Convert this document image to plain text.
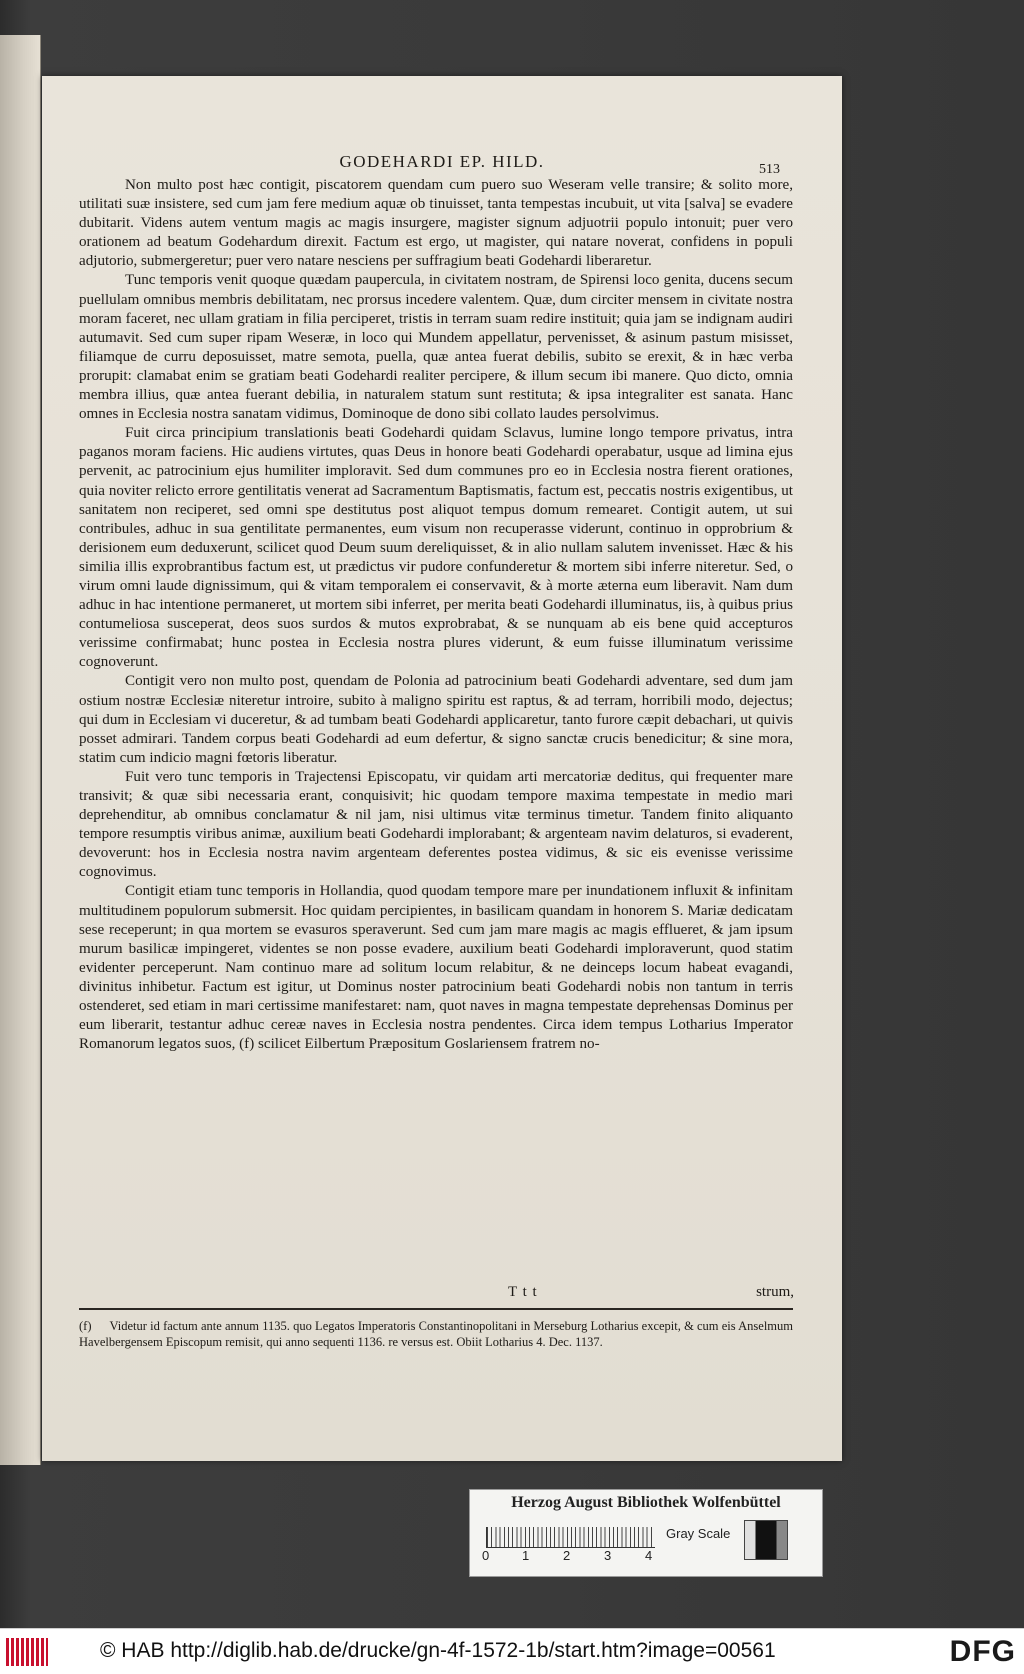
GODEHARDI EP. HILD.	513

Non multo post hæc contigit, piscatorem quendam cum puero suo Weseram velle transire; & solito more, utilitati suæ insistere, sed cum jam fere medium aquæ ob tinuisset, tanta tempestas incubuit, ut vita [salva] se evadere dubitarit. Videns autem ventum magis ac magis insurgere, magister signum adjuotrii populo intonuit; puer vero orationem ad beatum Godehardum direxit. Factum est ergo, ut magister, qui natare noverat, confidens in populi adjutorio, submergeretur; puer vero natare nesciens per suffragium beati Godehardi liberaretur.

Tunc temporis venit quoque quædam paupercula, in civitatem nostram, de Spirensi loco genita, ducens secum puellulam omnibus membris debilitatam, nec prorsus incedere valentem. Quæ, dum circiter mensem in civitate nostra moram faceret, nec ullam gratiam in filia perciperet, tristis in terram suam redire instituit; quia jam se indignam audiri autumavit. Sed cum super ripam Weseræ, in loco qui Mundem appellatur, pervenisset, & asinum pastum misisset, filiamque de curru deposuisset, matre semota, puella, quæ antea fuerat debilis, subito se erexit, & in hæc verba prorupit: clamabat enim se gratiam beati Godehardi realiter percipere, & illum secum ibi manere. Quo dicto, omnia membra illius, quæ antea fuerant debilia, in naturalem statum sunt restituta; & ipsa integraliter est sanata. Hanc omnes in Ecclesia nostra sanatam vidimus, Dominoque de dono sibi collato laudes persolvimus.

Fuit circa principium translationis beati Godehardi quidam Sclavus, lumine longo tempore privatus, intra paganos moram faciens. Hic audiens virtutes, quas Deus in honore beati Godehardi operabatur, usque ad limina ejus pervenit, ac patrocinium ejus humiliter imploravit. Sed dum communes pro eo in Ecclesia nostra fierent orationes, quia noviter relicto errore gentilitatis venerat ad Sacramentum Baptismatis, factum est, peccatis nostris exigentibus, ut sanitatem non reciperet, sed omni spe destitutus post aliquot tempus domum remearet. Contigit autem, ut sui contribules, adhuc in sua gentilitate permanentes, eum visum non recuperasse viderunt, continuo in opprobrium & derisionem eum deduxerunt, scilicet quod Deum suum dereliquisset, & in alio nullam salutem invenisset. Hæc & his similia illis exprobrantibus factum est, ut prædictus vir pudore confunderetur & mortem sibi inferre niteretur. Sed, o virum omni laude dignissimum, qui & vitam temporalem ei conservavit, & à morte æterna eum liberavit. Nam dum adhuc in hac intentione permaneret, ut mortem sibi inferret, per merita beati Godehardi illuminatus, iis, à quibus prius contumeliosa susceperat, deos suos surdos & mutos exprobrabat, & se nunquam ab eis bene quid accepturos verissime confirmabat; hunc postea in Ecclesia nostra plures viderunt, & eum fuisse illuminatum verissime cognoverunt.

Contigit vero non multo post, quendam de Polonia ad patrocinium beati Godehardi adventare, sed dum jam ostium nostræ Ecclesiæ niteretur introire, subito à maligno spiritu est raptus, & ad terram, horribili modo, dejectus; qui dum in Ecclesiam vi duceretur, & ad tumbam beati Godehardi applicaretur, tanto furore cæpit debachari, ut quivis posset admirari. Tandem corpus beati Godehardi ad eum defertur, & signo sanctæ crucis benedicitur; & sine mora, statim cum indicio magni fœtoris liberatur.

Fuit vero tunc temporis in Trajectensi Episcopatu, vir quidam arti mercatoriæ deditus, qui frequenter mare transivit; & quæ sibi necessaria erant, conquisivit; hic quodam tempore maxima tempestate in medio mari deprehenditur, ab omnibus conclamatur & nil jam, nisi ultimus vitæ terminus timetur. Tandem finito aliquanto tempore resumptis viribus animæ, auxilium beati Godehardi implorabant; & argenteam navim delaturos, si evaderent, devoverunt: hos in Ecclesia nostra navim argenteam deferentes postea vidimus, & sic eis evenisse verissime cognovimus.

Contigit etiam tunc temporis in Hollandia, quod quodam tempore mare per inundationem influxit & infinitam multitudinem populorum submersit. Hoc quidam percipientes, in basilicam quandam in honorem S. Mariæ dedicatam sese receperunt; in qua mortem se evasuros speraverunt. Sed cum jam mare magis ac magis efflueret, & jam ipsum murum basilicæ impingeret, videntes se non posse evadere, auxilium beati Godehardi imploraverunt, quod statim evidenter perceperunt. Nam continuo mare ad solitum locum relabitur, & ne deinceps locum habeat evagandi, divinitus inhibetur. Factum est igitur, ut Dominus noster patrocinium beati Godehardi nobis non tantum in terris ostenderet, sed etiam in mari certissime manifestaret: nam, quot naves in magna tempestate deprehensas Dominus per eum liberarit, testantur adhuc cereæ naves in Ecclesia nostra pendentes. Circa idem tempus Lotharius Imperator Romanorum legatos suos, (f) scilicet Eilbertum Præpositum Goslariensem fratrem no-

T t t	strum,
(f) Videtur id factum ante annum 1135. quo Legatos Imperatoris Constantinopolitani in Merseburg Lotharius excepit, & cum eis Anselmum Havelbergensem Episcopum remisit, qui anno sequenti 1136. re versus est. Obiit Lotharius 4. Dec. 1137.
Herzog August Bibliothek Wolfenbüttel
0	1	2	3	4
Gray Scale
© HAB http://diglib.hab.de/drucke/gn-4f-1572-1b/start.htm?image=00561	DFG
